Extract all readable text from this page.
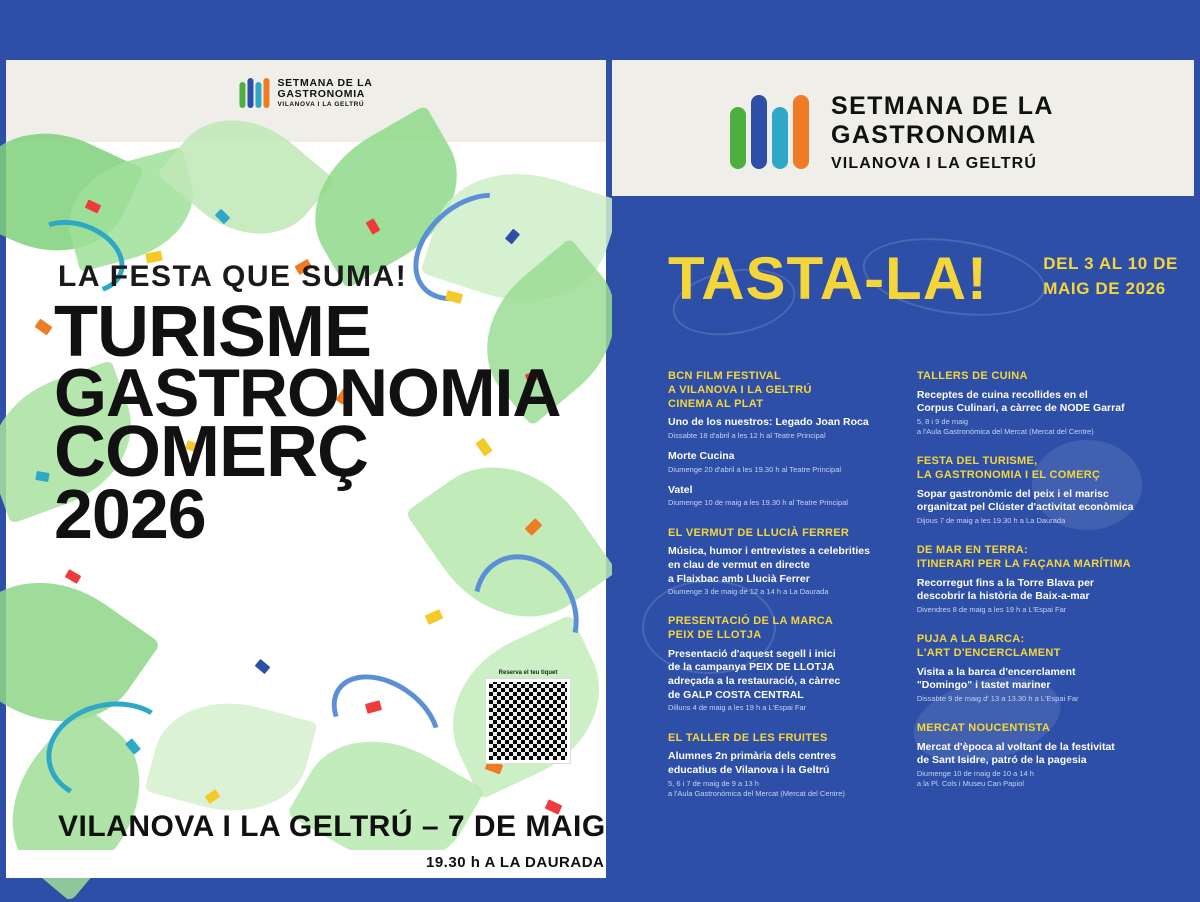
SETMANA DE LA
GASTRONOMIA
VILANOVA I LA GELTRÚ
LA FESTA QUE SUMA!
TURISME
GASTRONOMIA
COMERÇ
2026
Reserva el teu tiquet
VILANOVA I LA GELTRÚ – 7 DE MAIG
19.30 h A LA DAURADA
SETMANA DE LA
GASTRONOMIA
VILANOVA I LA GELTRÚ
TASTA-LA!	DEL 3 AL 10 DE
MAIG DE 2026
BCN FILM FESTIVAL
A VILANOVA I LA GELTRÚ
CINEMA AL PLAT
Uno de los nuestros: Legado Joan Roca
Dissabte 18 d'abril a les 12 h al Teatre Principal
Morte Cucina
Diumenge 20 d'abril a les 19.30 h al Teatre Principal
Vatel
Diumenge 10 de maig a les 19.30 h al Teatre Principal
EL VERMUT DE LLUCIÀ FERRER
Música, humor i entrevistes a celebrities
en clau de vermut en directe
a Flaixbac amb Llucià Ferrer
Diumenge 3 de maig de 12 a 14 h a La Daurada
PRESENTACIÓ DE LA MARCA
PEIX DE LLOTJA
Presentació d'aquest segell i inici
de la campanya PEIX DE LLOTJA
adreçada a la restauració, a càrrec
de GALP COSTA CENTRAL
Dilluns 4 de maig a les 19 h a L'Espai Far
EL TALLER DE LES FRUITES
Alumnes 2n primària dels centres
educatius de Vilanova i la Geltrú
5, 6 i 7 de maig de 9 a 13 h
a l'Aula Gastronòmica del Mercat (Mercat del Centre)
TALLERS DE CUINA
Receptes de cuina recollides en el
Corpus Culinari, a càrrec de NODE Garraf
5, 8 i 9 de maig
a l'Aula Gastronòmica del Mercat (Mercat del Centre)
FESTA DEL TURISME,
LA GASTRONOMIA I EL COMERÇ
Sopar gastronòmic del peix i el marisc
organitzat pel Clúster d'activitat econòmica
Dijous 7 de maig a les 19.30 h a La Daurada
DE MAR EN TERRA:
ITINERARI PER LA FAÇANA MARÍTIMA
Recorregut fins a la Torre Blava per
descobrir la història de Baix-a-mar
Divendres 8 de maig a les 19 h a L'Espai Far
PUJA A LA BARCA:
L'ART D'ENCERCLAMENT
Visita a la barca d'encerclament
"Domingo" i tastet mariner
Dissabte 9 de maig d' 13 a 13.30 h a L'Espai Far
MERCAT NOUCENTISTA
Mercat d'època al voltant de la festivitat
de Sant Isidre, patró de la pagesia
Diumenge 10 de maig de 10 a 14 h
a la Pl. Cols i Museu Can Papiol
